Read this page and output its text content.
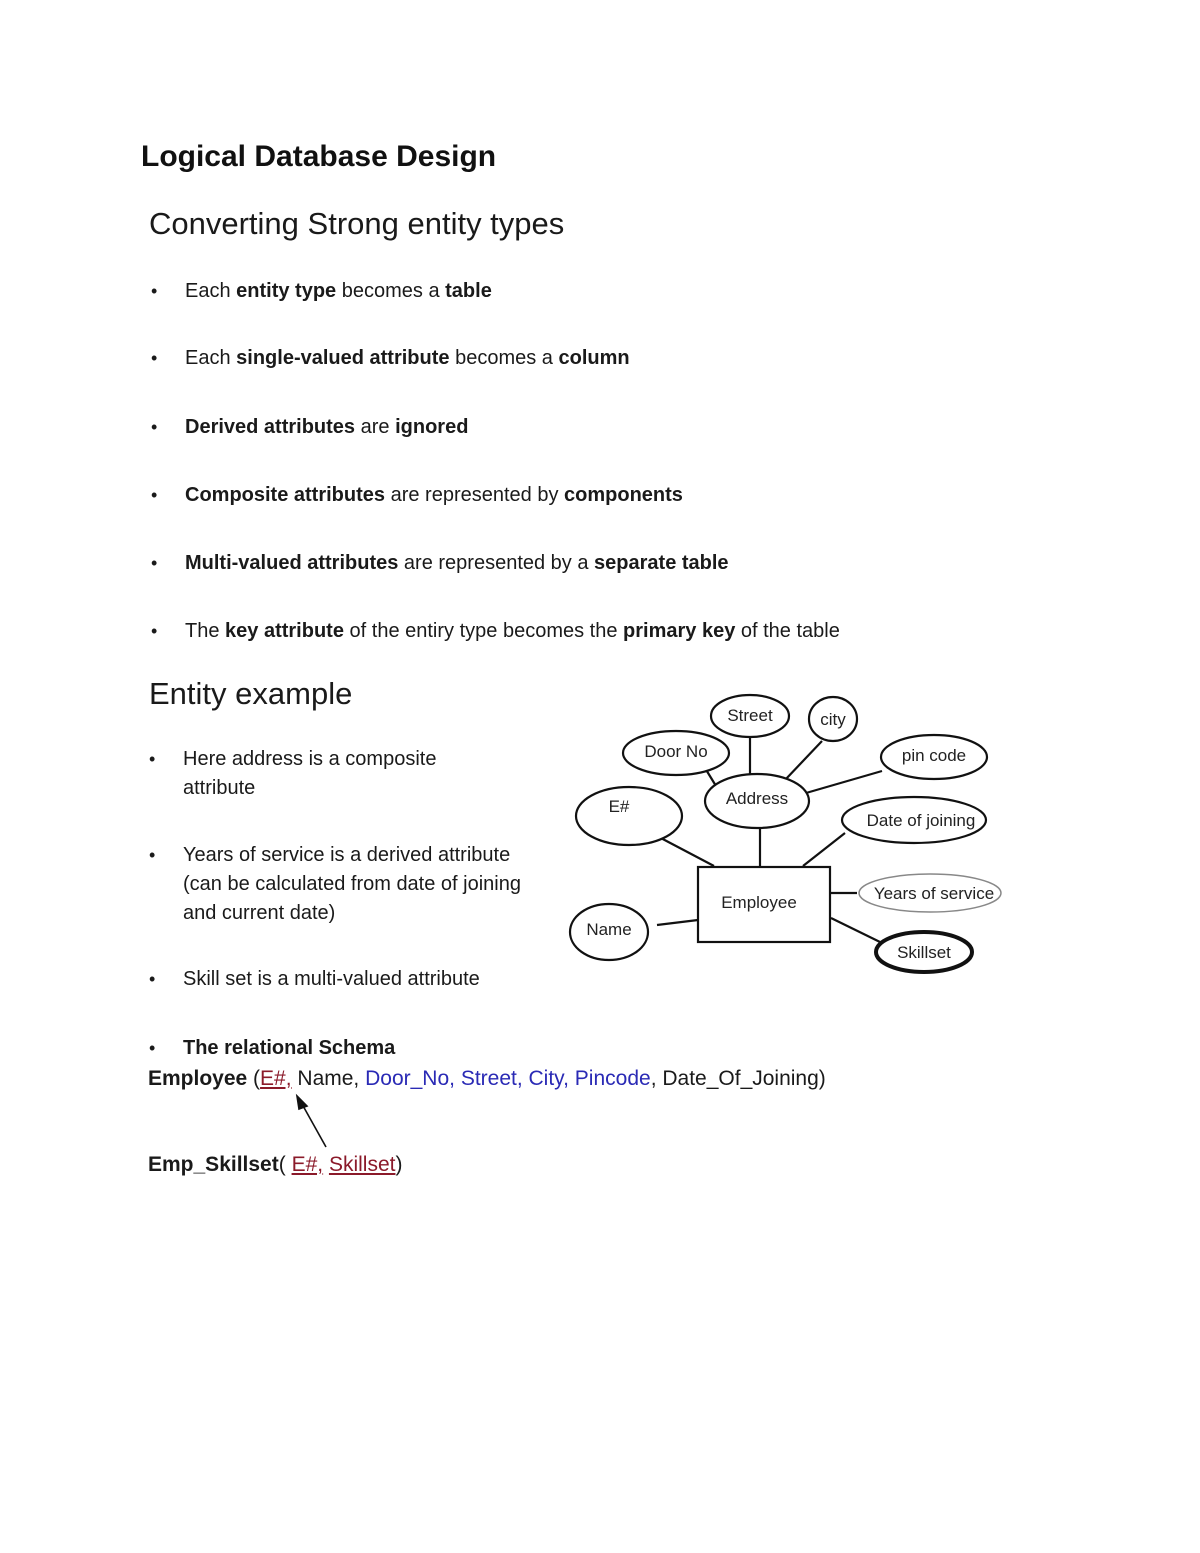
Logical Database Design
Converting Strong entity types
• Each entity type becomes a table
• Each single-valued attribute becomes a column
• Derived attributes are ignored
• Composite attributes are represented by components
• Multi-valued attributes are represented by a separate table
• The key attribute of the entiry type becomes the primary key of the table
Entity example
• Here address is a composite attribute
• Years of service is a derived attribute (can be calculated from date of joining and current date)
• Skill set is a multi-valued attribute
• The relational Schema
Street	city
Door No	pin code
Address
E#
Date of joining
Years of service
Name
Skillset
Employee
Employee (E#, Name, Door_No, Street, City, Pincode, Date_Of_Joining)
Emp_Skillset( E#, Skillset)
